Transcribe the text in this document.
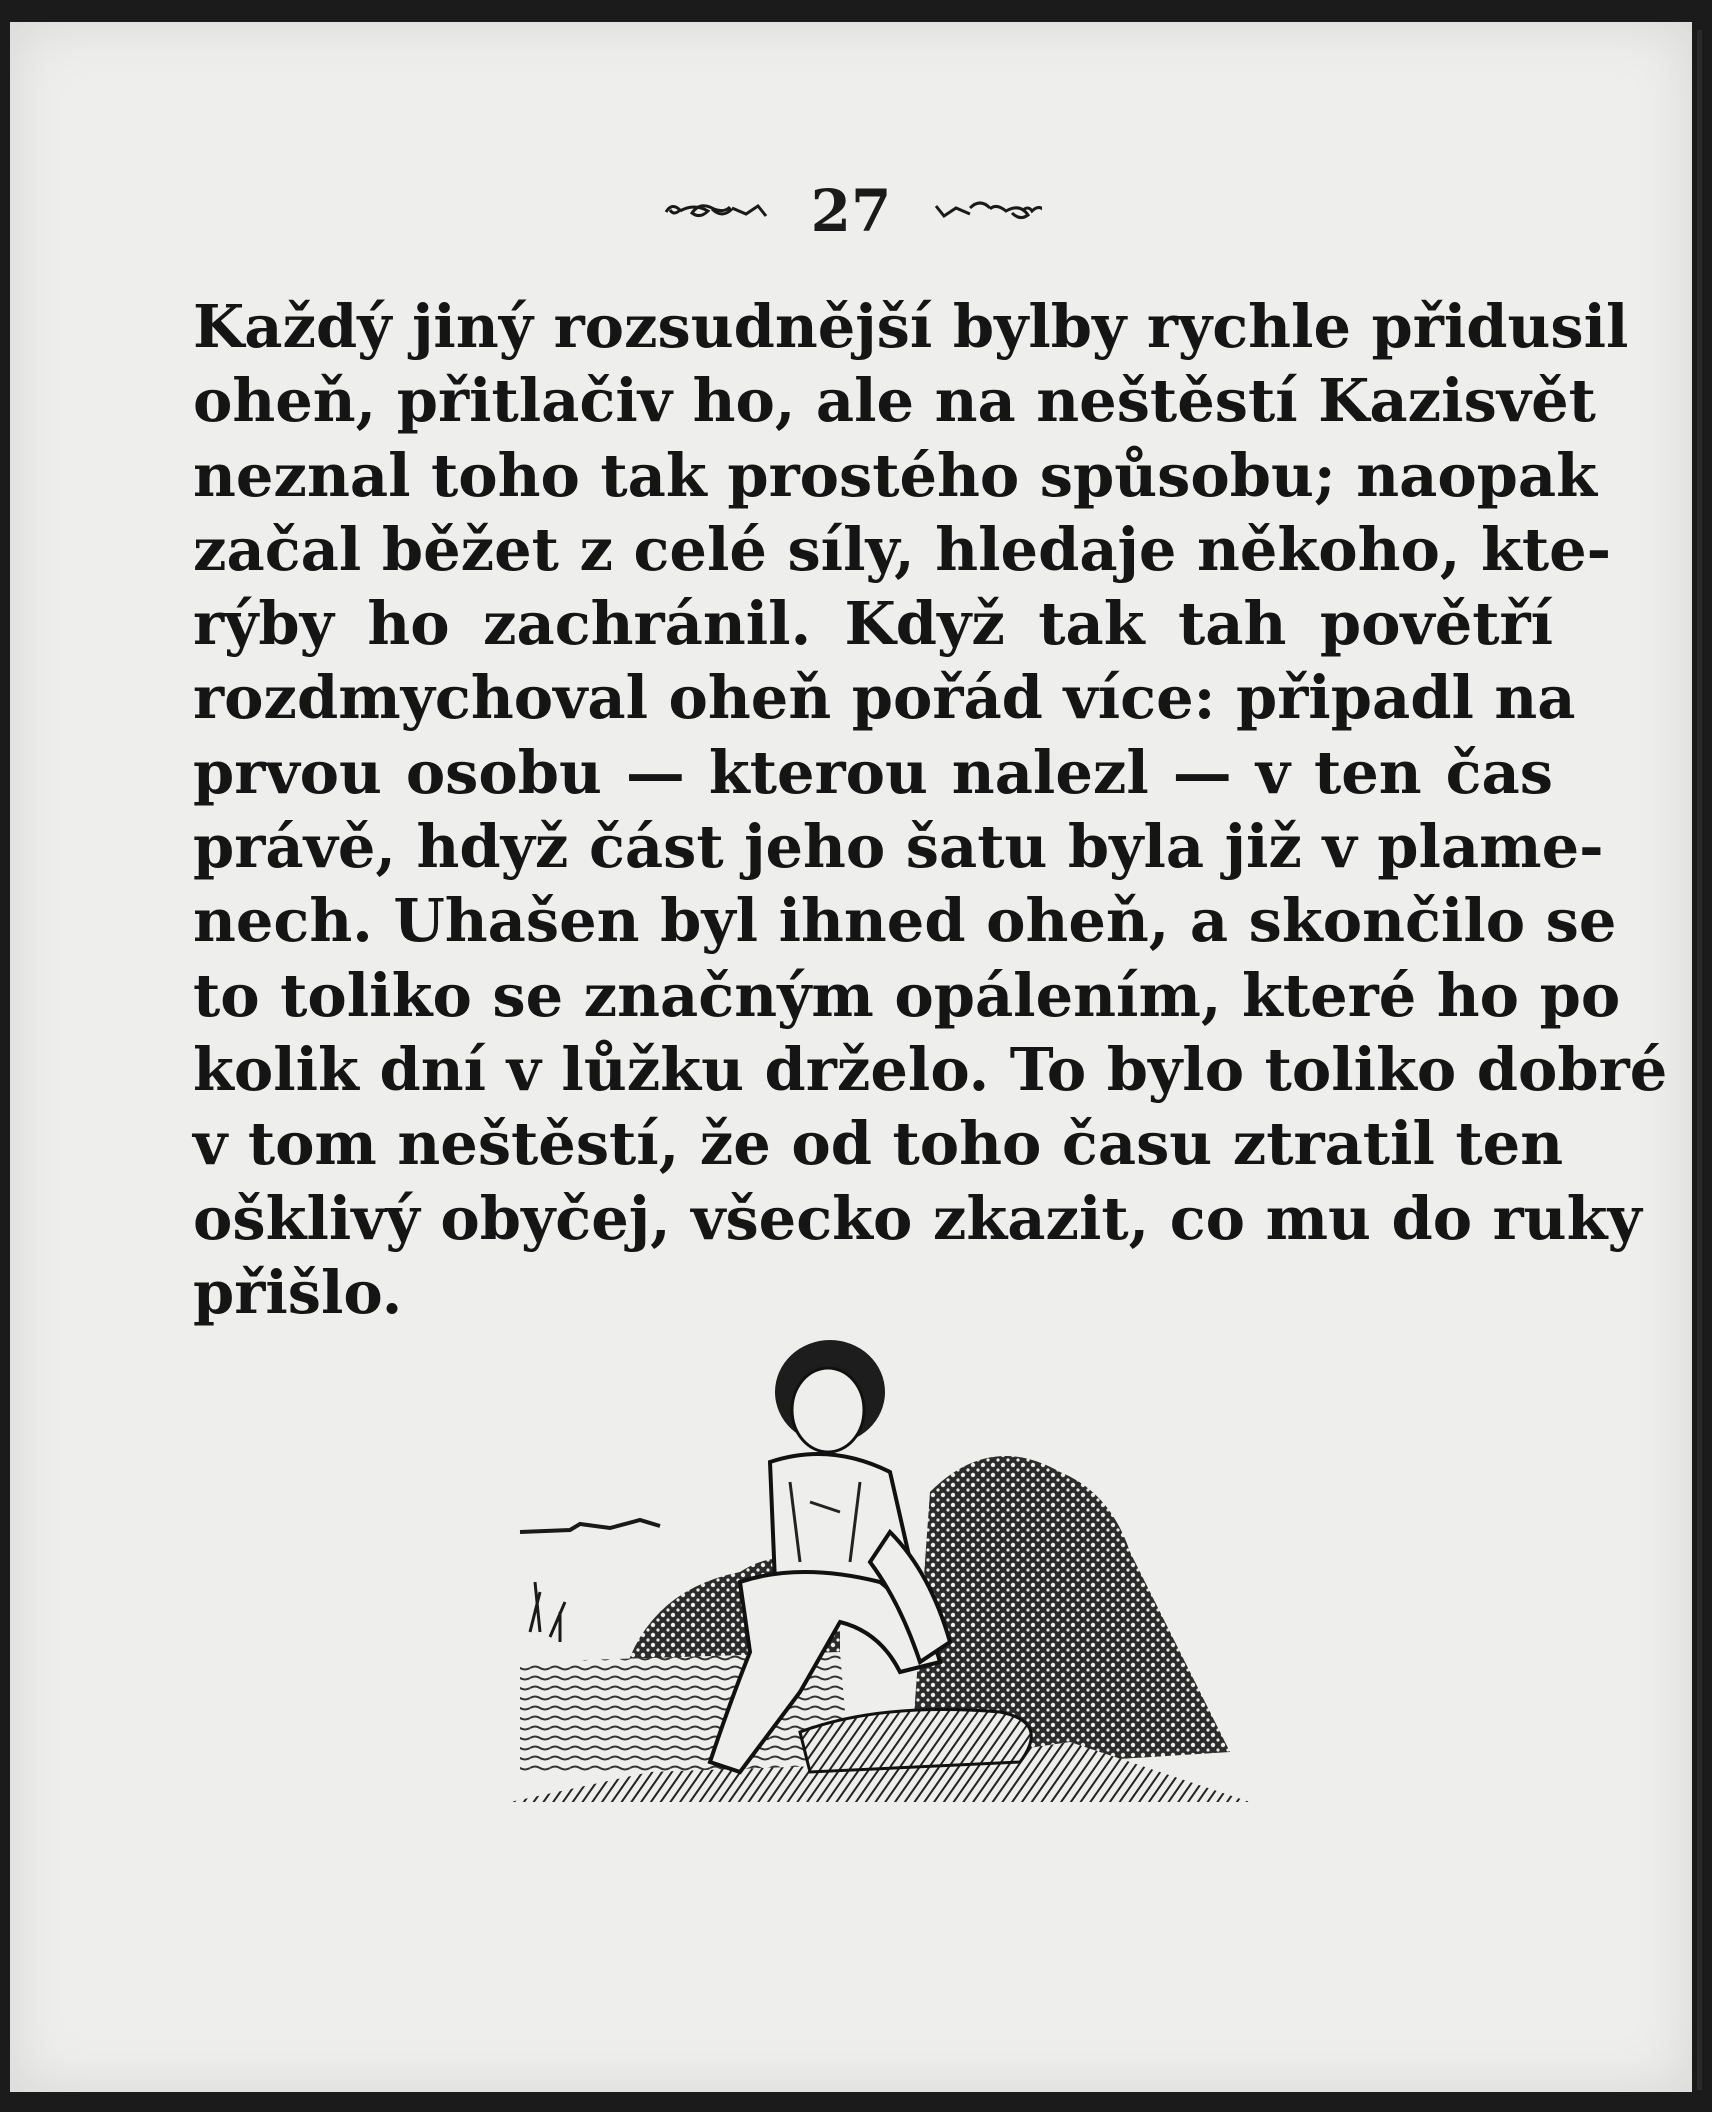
27
Každý jiný rozsudnější bylby rychle přidusil
oheň, přitlačiv ho, ale na neštěstí Kazisvět
neznal toho tak prostého spůsobu; naopak
začal běžet z celé síly, hledaje někoho, kte-
rýby ho zachránil. Když tak tah povětří
rozdmychoval oheň pořád více: připadl na
prvou osobu — kterou nalezl — v ten čas
právě, hdyž část jeho šatu byla již v plame-
nech. Uhašen byl ihned oheň, a skončilo se
to toliko se značným opálením, které ho po
kolik dní v lůžku drželo. To bylo toliko dobré
v tom neštěstí, že od toho času ztratil ten
ošklivý obyčej, všecko zkazit, co mu do ruky
přišlo.
